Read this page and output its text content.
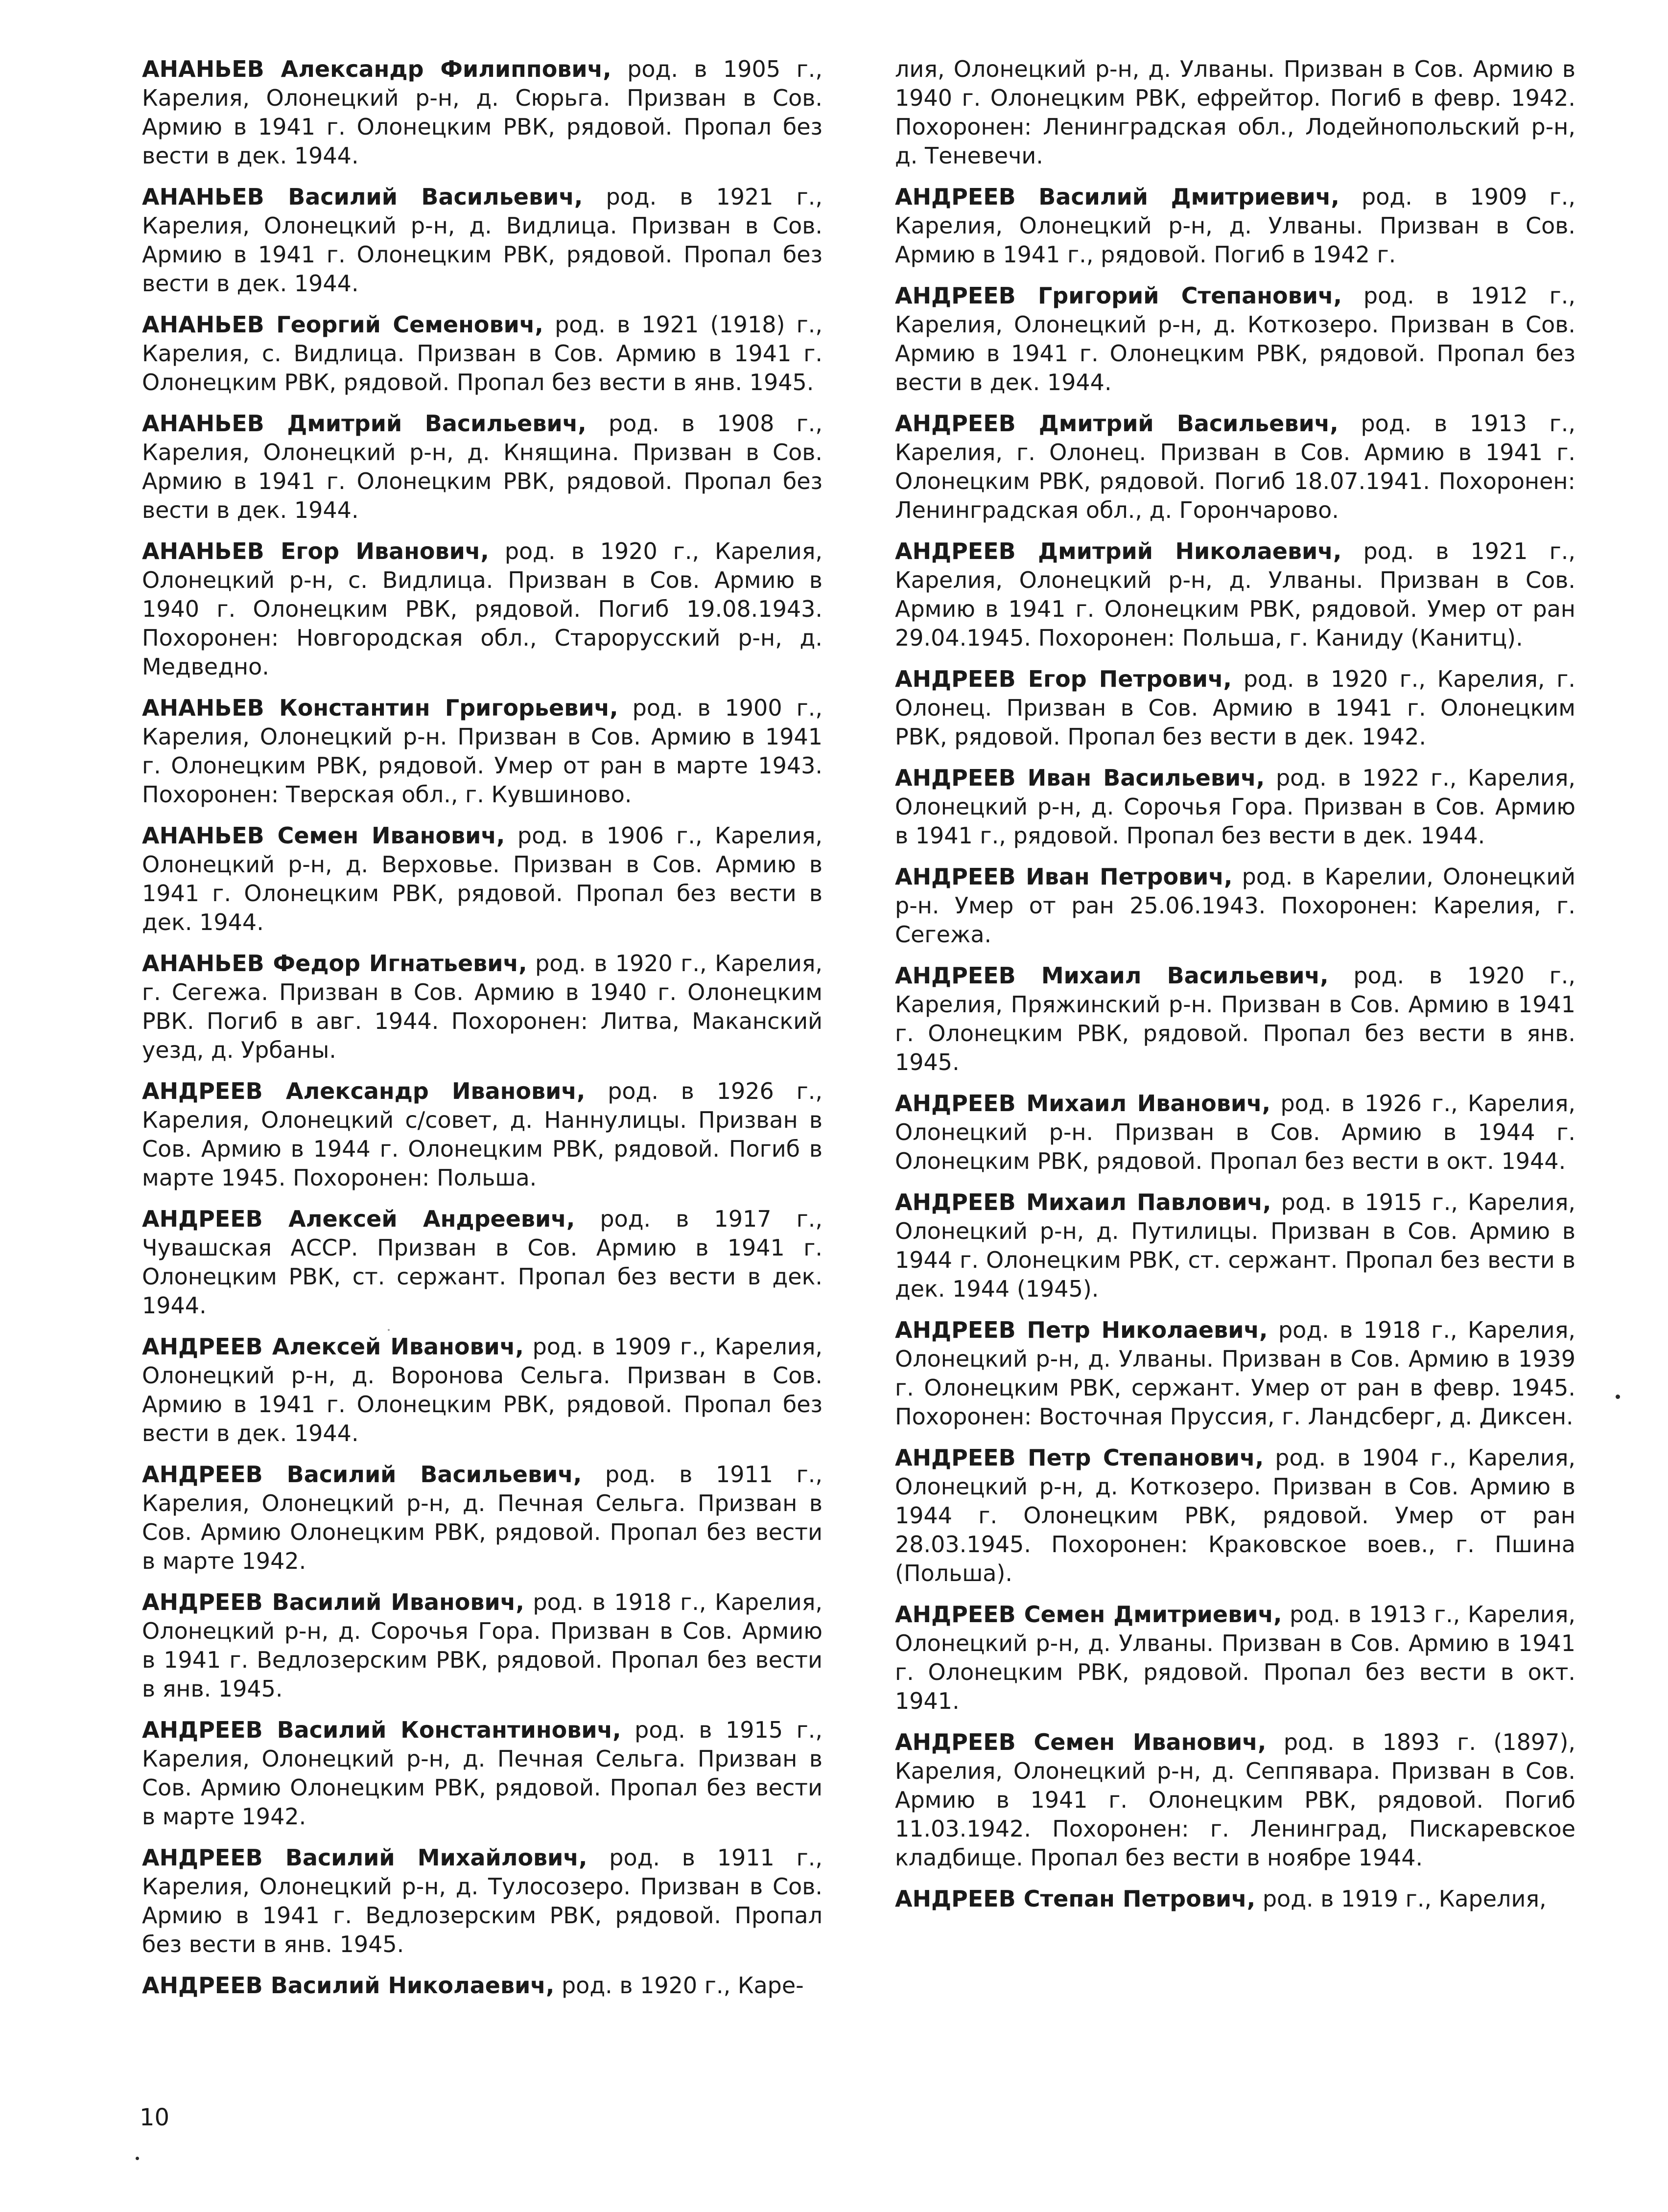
АНАНЬЕВ Александр Филиппович, род. в 1905 г., Карелия, Олонецкий р-н, д. Сюрьга. Призван в Сов. Армию в 1941 г. Олонецким РВК, рядовой. Пропал без вести в дек. 1944.

АНАНЬЕВ Василий Васильевич, род. в 1921 г., Карелия, Олонецкий р-н, д. Видлица. Призван в Сов. Армию в 1941 г. Олонецким РВК, рядовой. Пропал без вести в дек. 1944.

АНАНЬЕВ Георгий Семенович, род. в 1921 (1918) г., Карелия, с. Видлица. Призван в Сов. Армию в 1941 г. Олонецким РВК, рядовой. Пропал без вести в янв. 1945.

АНАНЬЕВ Дмитрий Васильевич, род. в 1908 г., Карелия, Олонецкий р-н, д. Княщина. Призван в Сов. Армию в 1941 г. Олонецким РВК, рядовой. Пропал без вести в дек. 1944.

АНАНЬЕВ Егор Иванович, род. в 1920 г., Карелия, Олонецкий р-н, с. Видлица. Призван в Сов. Армию в 1940 г. Олонецким РВК, рядовой. Погиб 19.08.1943. Похоронен: Новгородская обл., Старорусский р-н, д. Медведно.

АНАНЬЕВ Константин Григорьевич, род. в 1900 г., Карелия, Олонецкий р-н. Призван в Сов. Армию в 1941 г. Олонецким РВК, рядовой. Умер от ран в марте 1943. Похоронен: Тверская обл., г. Кувшиново.

АНАНЬЕВ Семен Иванович, род. в 1906 г., Карелия, Олонецкий р-н, д. Верховье. Призван в Сов. Армию в 1941 г. Олонецким РВК, рядовой. Пропал без вести в дек. 1944.

АНАНЬЕВ Федор Игнатьевич, род. в 1920 г., Карелия, г. Сегежа. Призван в Сов. Армию в 1940 г. Олонецким РВК. Погиб в авг. 1944. Похоронен: Литва, Маканский уезд, д. Урбаны.

АНДРЕЕВ Александр Иванович, род. в 1926 г., Карелия, Олонецкий с/совет, д. Наннулицы. Призван в Сов. Армию в 1944 г. Олонецким РВК, рядовой. Погиб в марте 1945. Похоронен: Польша.

АНДРЕЕВ Алексей Андреевич, род. в 1917 г., Чувашская АССР. Призван в Сов. Армию в 1941 г. Олонецким РВК, ст. сержант. Пропал без вести в дек. 1944.

АНДРЕЕВ Алексей Иванович, род. в 1909 г., Карелия, Олонецкий р-н, д. Воронова Сельга. Призван в Сов. Армию в 1941 г. Олонецким РВК, рядовой. Пропал без вести в дек. 1944.

АНДРЕЕВ Василий Васильевич, род. в 1911 г., Карелия, Олонецкий р-н, д. Печная Сельга. Призван в Сов. Армию Олонецким РВК, рядовой. Пропал без вести в марте 1942.

АНДРЕЕВ Василий Иванович, род. в 1918 г., Карелия, Олонецкий р-н, д. Сорочья Гора. Призван в Сов. Армию в 1941 г. Ведлозерским РВК, рядовой. Пропал без вести в янв. 1945.

АНДРЕЕВ Василий Константинович, род. в 1915 г., Карелия, Олонецкий р-н, д. Печная Сельга. Призван в Сов. Армию Олонецким РВК, рядовой. Пропал без вести в марте 1942.

АНДРЕЕВ Василий Михайлович, род. в 1911 г., Карелия, Олонецкий р-н, д. Тулосозеро. Призван в Сов. Армию в 1941 г. Ведлозерским РВК, рядовой. Пропал без вести в янв. 1945.

АНДРЕЕВ Василий Николаевич, род. в 1920 г., Каре-

лия, Олонецкий р-н, д. Улваны. Призван в Сов. Армию в 1940 г. Олонецким РВК, ефрейтор. Погиб в февр. 1942. Похоронен: Ленинградская обл., Лодейнопольский р-н, д. Теневечи.

АНДРЕЕВ Василий Дмитриевич, род. в 1909 г., Карелия, Олонецкий р-н, д. Улваны. Призван в Сов. Армию в 1941 г., рядовой. Погиб в 1942 г.

АНДРЕЕВ Григорий Степанович, род. в 1912 г., Карелия, Олонецкий р-н, д. Коткозеро. Призван в Сов. Армию в 1941 г. Олонецким РВК, рядовой. Пропал без вести в дек. 1944.

АНДРЕЕВ Дмитрий Васильевич, род. в 1913 г., Карелия, г. Олонец. Призван в Сов. Армию в 1941 г. Олонецким РВК, рядовой. Погиб 18.07.1941. Похоронен: Ленинградская обл., д. Горончарово.

АНДРЕЕВ Дмитрий Николаевич, род. в 1921 г., Карелия, Олонецкий р-н, д. Улваны. Призван в Сов. Армию в 1941 г. Олонецким РВК, рядовой. Умер от ран 29.04.1945. Похоронен: Польша, г. Каниду (Канитц).

АНДРЕЕВ Егор Петрович, род. в 1920 г., Карелия, г. Олонец. Призван в Сов. Армию в 1941 г. Олонецким РВК, рядовой. Пропал без вести в дек. 1942.

АНДРЕЕВ Иван Васильевич, род. в 1922 г., Карелия, Олонецкий р-н, д. Сорочья Гора. Призван в Сов. Армию в 1941 г., рядовой. Пропал без вести в дек. 1944.

АНДРЕЕВ Иван Петрович, род. в Карелии, Олонецкий р-н. Умер от ран 25.06.1943. Похоронен: Карелия, г. Сегежа.

АНДРЕЕВ Михаил Васильевич, род. в 1920 г., Карелия, Пряжинский р-н. Призван в Сов. Армию в 1941 г. Олонецким РВК, рядовой. Пропал без вести в янв. 1945.

АНДРЕЕВ Михаил Иванович, род. в 1926 г., Карелия, Олонецкий р-н. Призван в Сов. Армию в 1944 г. Олонецким РВК, рядовой. Пропал без вести в окт. 1944.

АНДРЕЕВ Михаил Павлович, род. в 1915 г., Карелия, Олонецкий р-н, д. Путилицы. Призван в Сов. Армию в 1944 г. Олонецким РВК, ст. сержант. Пропал без вести в дек. 1944 (1945).

АНДРЕЕВ Петр Николаевич, род. в 1918 г., Карелия, Олонецкий р-н, д. Улваны. Призван в Сов. Армию в 1939 г. Олонецким РВК, сержант. Умер от ран в февр. 1945. Похоронен: Восточная Пруссия, г. Ландсберг, д. Диксен.

АНДРЕЕВ Петр Степанович, род. в 1904 г., Карелия, Олонецкий р-н, д. Коткозеро. Призван в Сов. Армию в 1944 г. Олонецким РВК, рядовой. Умер от ран 28.03.1945. Похоронен: Краковское воев., г. Пшина (Польша).

АНДРЕЕВ Семен Дмитриевич, род. в 1913 г., Карелия, Олонецкий р-н, д. Улваны. Призван в Сов. Армию в 1941 г. Олонецким РВК, рядовой. Пропал без вести в окт. 1941.

АНДРЕЕВ Семен Иванович, род. в 1893 г. (1897), Карелия, Олонецкий р-н, д. Сеппявара. Призван в Сов. Армию в 1941 г. Олонецким РВК, рядовой. Погиб 11.03.1942. Похоронен: г. Ленинград, Пискаревское кладбище. Пропал без вести в ноябре 1944.

АНДРЕЕВ Степан Петрович, род. в 1919 г., Карелия,

10
